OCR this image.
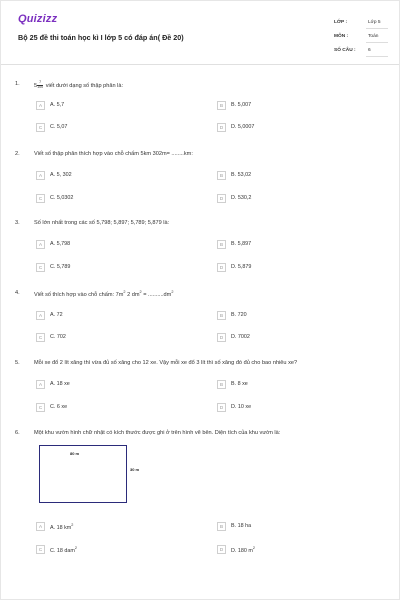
Quizizz
Bộ 25 đề thi toán học kì I lớp 5 có đáp án( Đề 20)
LỚP :	Lớp 5
MÔN :	Toán
SỐ CÂU :	6
1.	$5 \frac{7}{100}$ viết dưới dạng số thập phân là:
A	A. 5,7	B	B. 5,007
C	C. 5,07	D	D. 5,0007
2.	Viết số thập phân thích hợp vào chỗ chấm 5km 302m= ........km:
A	A. 5, 302	B	B. 53,02
C	C. 5,0302	D	D. 530,2
3.	Số lớn nhất trong các số 5,798; 5,897; 5,789; 5,879 là:
A	A. 5,798	B	B. 5,897
C	C. 5,789	D	D. 5,879
4.	Viết số thích hợp vào chỗ chấm: $7m^2$ 2 $dm^2 = ..........dm^2$
A	A. 72	B	B. 720
C	C. 702	D	D. 7002
5.	Mỗi xe đổ 2 lít xăng thì vừa đủ số xăng cho 12 xe. Vậy mỗi xe đổ 3 lít thì số xăng đó đủ cho bao nhiêu xe?
A	A. 18 xe	B	B. 8 xe
C	C. 6 xe	D	D. 10 xe
6.	Một khu vườn hình chữ nhật có kích thước được ghi ở trên hình vẽ bên. Diện tích của khu vườn là:
80 m
30 m
A	A. 18 $km^2$	B	B. 18 ha
C	C. 18 dam$^2$	D	D. 180 $m^2$
